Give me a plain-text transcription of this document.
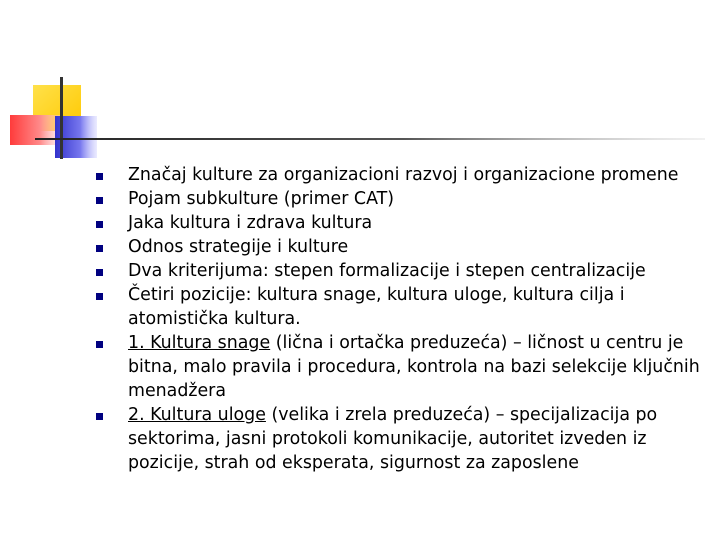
Značaj kulture za organizacioni razvoj i organizacione promene
Pojam subkulture (primer CAT)
Jaka kultura i zdrava kultura
Odnos strategije i kulture
Dva kriterijuma: stepen formalizacije i stepen centralizacije
Četiri pozicije: kultura snage, kultura uloge, kultura cilja i atomistička kultura.
1. Kultura snage (lična i ortačka preduzeća) – ličnost u centru je bitna, malo pravila i procedura, kontrola na bazi selekcije ključnih menadžera
2. Kultura uloge (velika i zrela preduzeća) – specijalizacija po sektorima, jasni protokoli komunikacije, autoritet izveden iz pozicije, strah od eksperata, sigurnost za zaposlene
